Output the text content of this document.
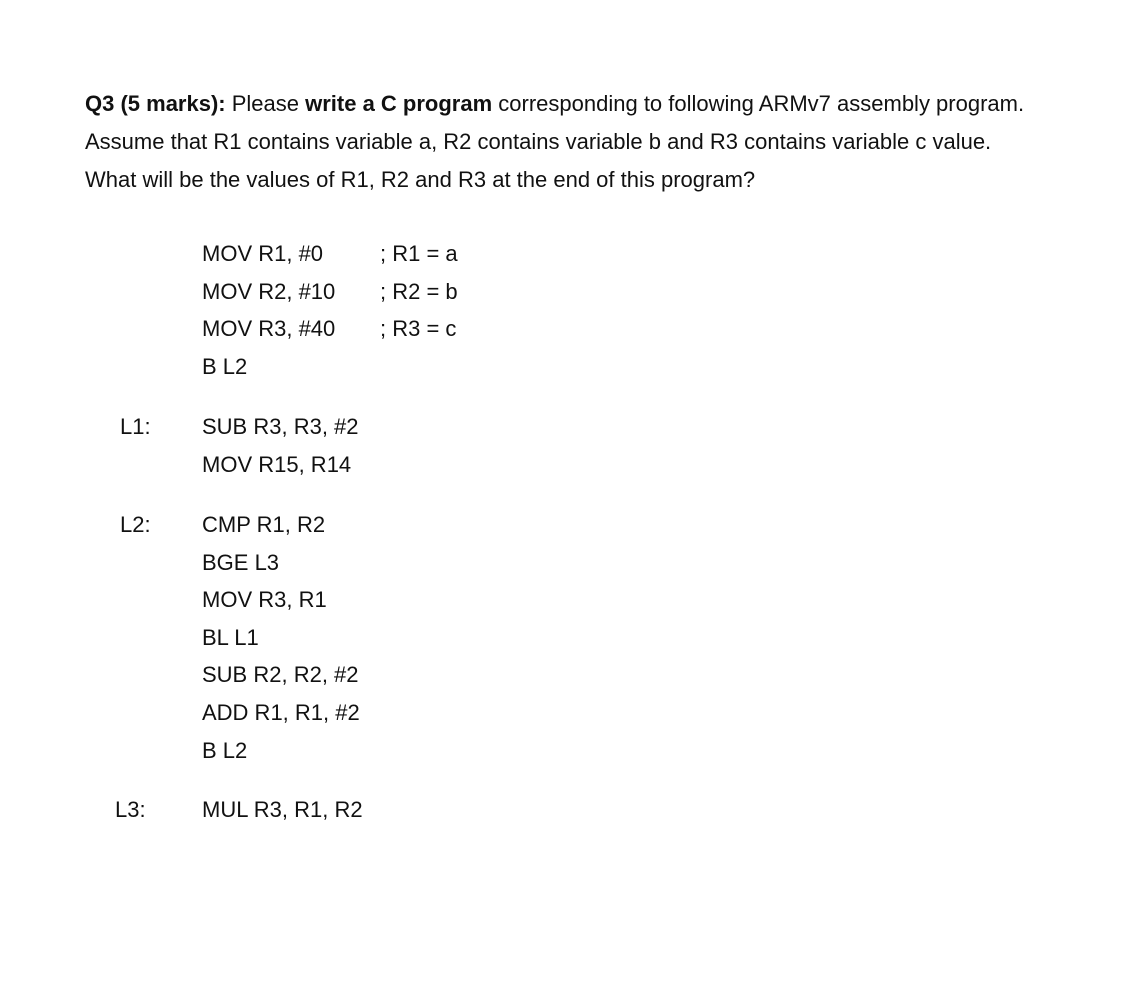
Q3 (5 marks): Please write a C program corresponding to following ARMv7 assembly program.

Assume that R1 contains variable a, R2 contains variable b and R3 contains variable c value.

What will be the values of R1, R2 and R3 at the end of this program?

MOV R1, #0	; R1 = a
MOV R2, #10 ; R2 = b
MOV R3, #40 ; R3 = c
B L2
L1: SUB R3, R3, #2
MOV R15, R14
L2: CMP R1, R2
BGE L3
MOV R3, R1
BL L1
SUB R2, R2, #2
ADD R1, R1, #2
B L2
L3:	MUL R3, R1, R2
